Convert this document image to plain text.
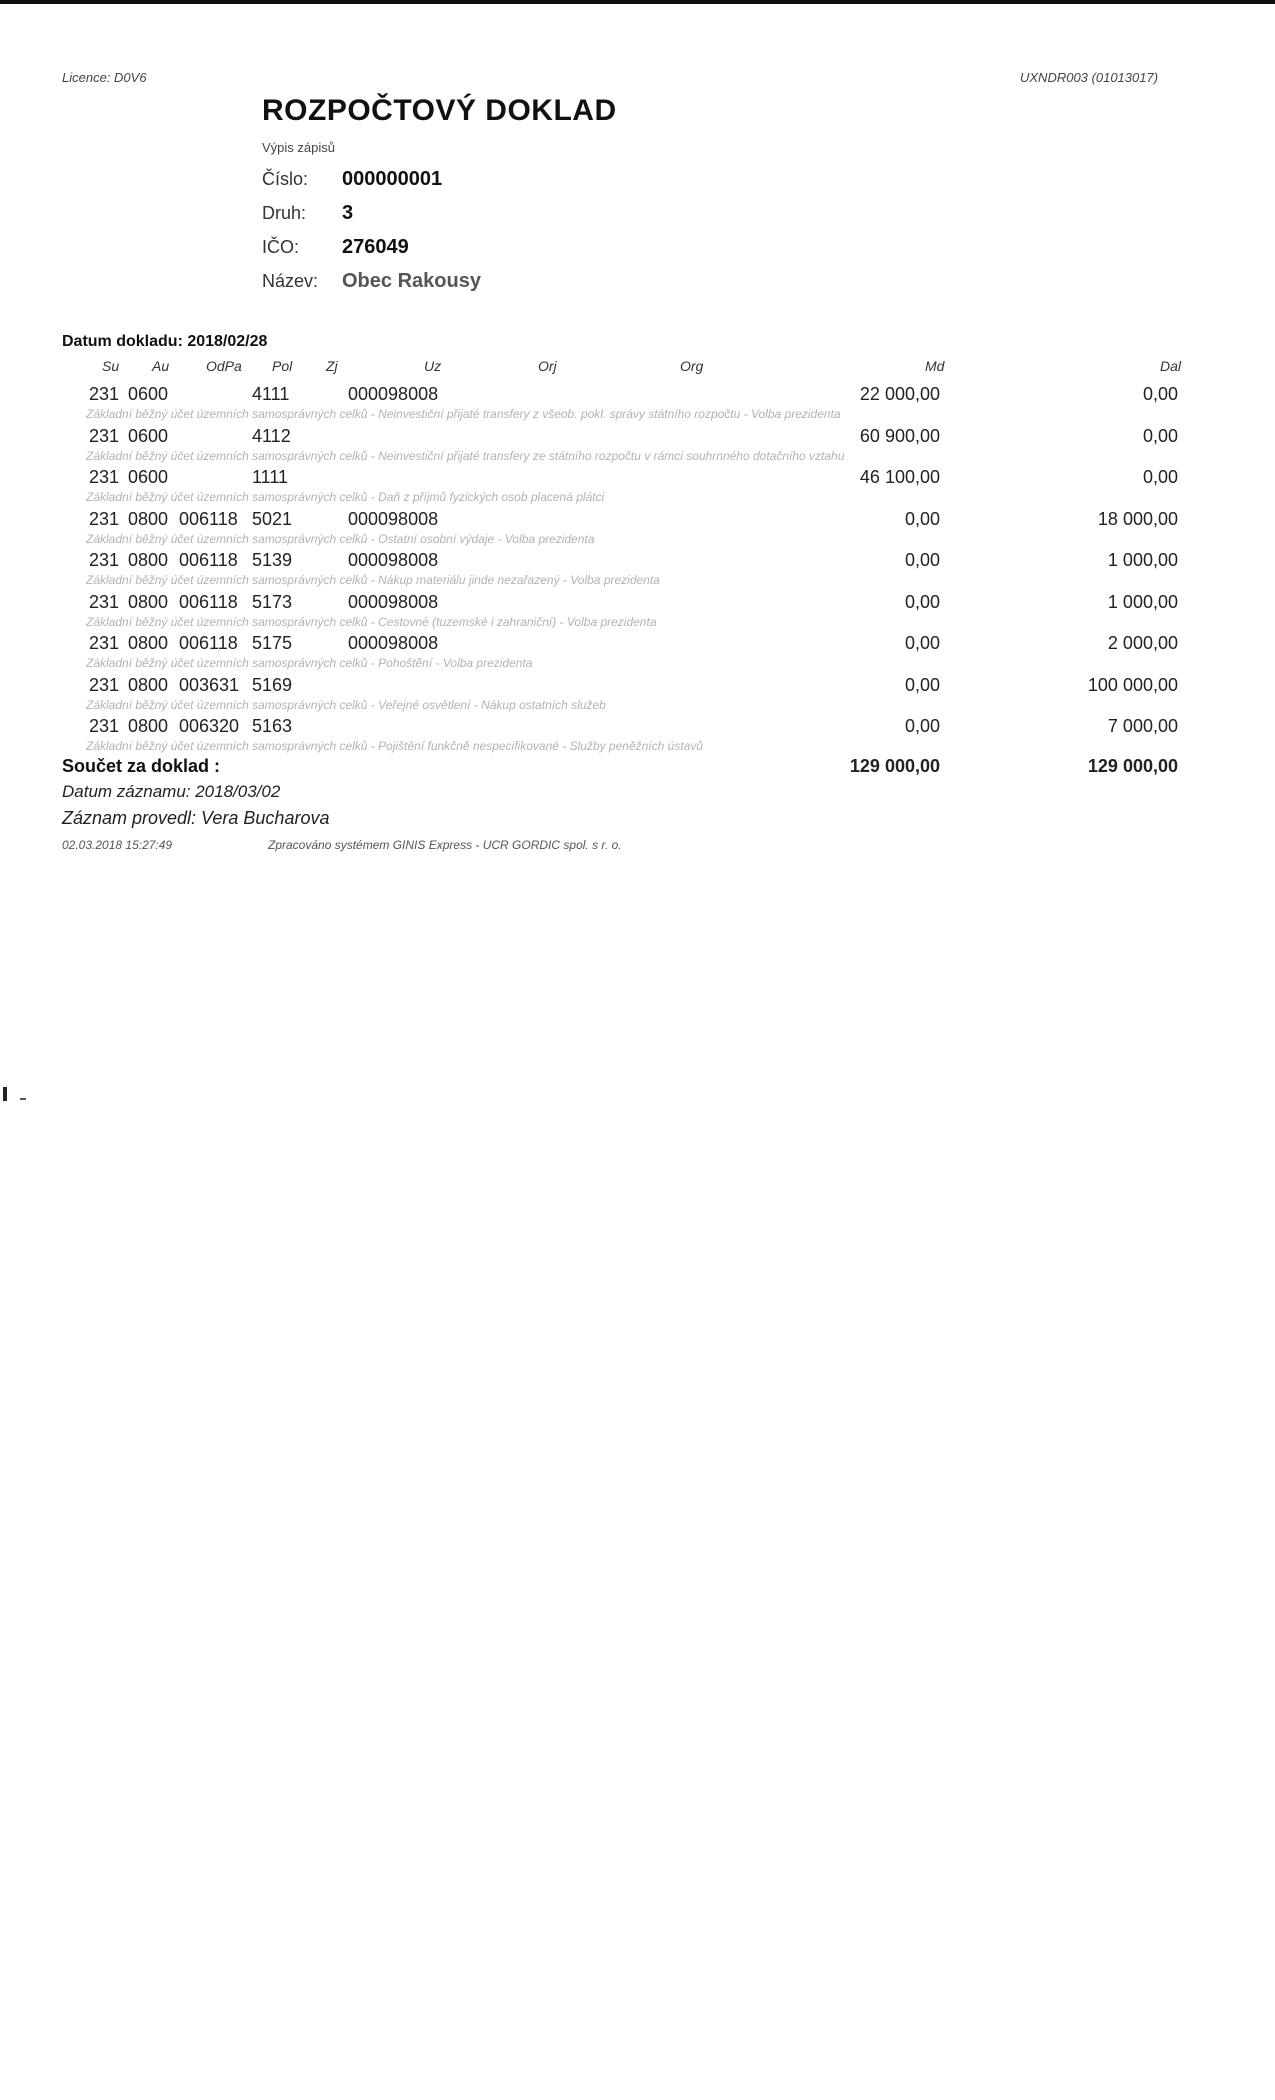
Licence: D0V6	UXNDR003 (01013017)
ROZPOČTOVÝ DOKLAD
Výpis zápisů
Číslo: 000000001
Druh: 3
IČO: 276049
Název: Obec Rakousy
Datum dokladu: 2018/02/28
Su Au	OdPa Pol Zj	Uz	Orj	Org	Md	Dal
231 0600	4111	000098008	22 000,00	0,00
Základní běžný účet územních samosprávných celků - Neinvestiční přijaté transfery z všeob. pokl. správy státního rozpočtu - Volba prezidenta
231 0600	4112	60 900,00	0,00
Základní běžný účet územních samosprávných celků - Neinvestiční přijaté transfery ze státního rozpočtu v rámci souhrnného dotačního vztahu
231 0600	1111	46 100,00	0,00
Základní běžný účet územních samosprávných celků - Daň z příjmů fyzických osob placená plátci
231 0800 006118 5021	000098008	0,00	18 000,00
Základní běžný účet územních samosprávných celků - Ostatní osobní výdaje - Volba prezidenta
231 0800 006118 5139	000098008	0,00	1 000,00
Základní běžný účet územních samosprávných celků - Nákup materiálu jinde nezařazený - Volba prezidenta
231 0800 006118 5173	000098008	0,00	1 000,00
Základní běžný účet územních samosprávných celků - Cestovné (tuzemské i zahraniční) - Volba prezidenta
231 0800 006118 5175	000098008	0,00	2 000,00
Základní běžný účet územních samosprávných celků - Pohoštění - Volba prezidenta
231 0800 003631 5169	0,00	100 000,00
Základní běžný účet územních samosprávných celků - Veřejné osvětlení - Nákup ostatních služeb
231 0800 006320 5163	0,00	7 000,00
Základní běžný účet územních samosprávných celků - Pojištění funkčně nespecifikované - Služby peněžních ústavů
Součet za doklad :	129 000,00	129 000,00
Datum záznamu: 2018/03/02
Záznam provedl: Vera Bucharova
02.03.2018 15:27:49	Zpracováno systémem GINIS Express - UCR GORDIC spol. s r. o.
